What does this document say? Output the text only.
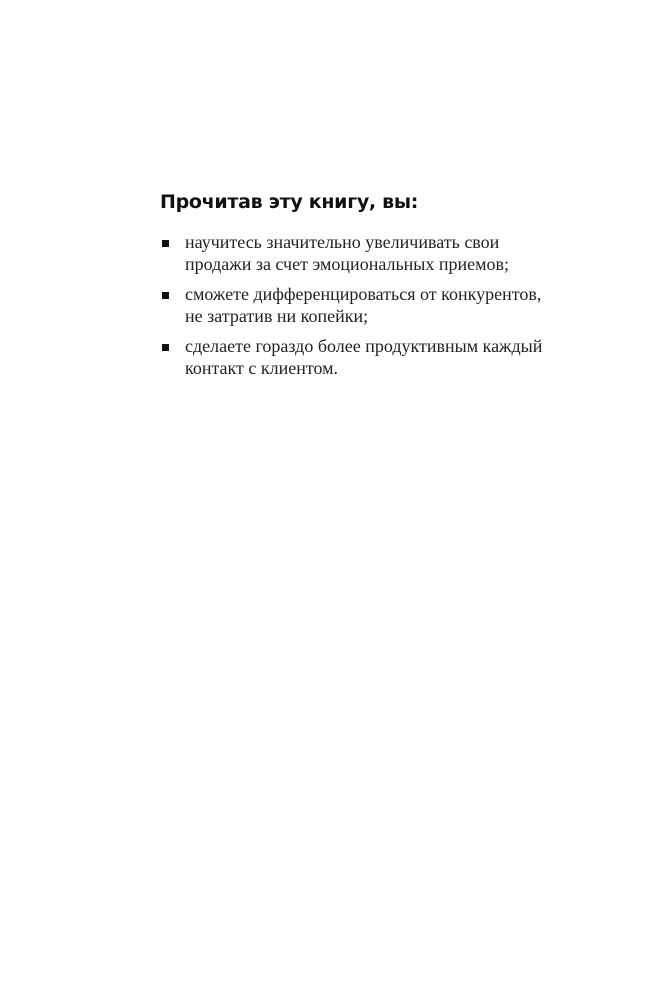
Прочитав эту книгу, вы:
научитесь значительно увеличивать свои
продажи за счет эмоциональных приемов;
сможете дифференцироваться от конкурентов,
не затратив ни копейки;
сделаете гораздо более продуктивным каждый
контакт с клиентом.
